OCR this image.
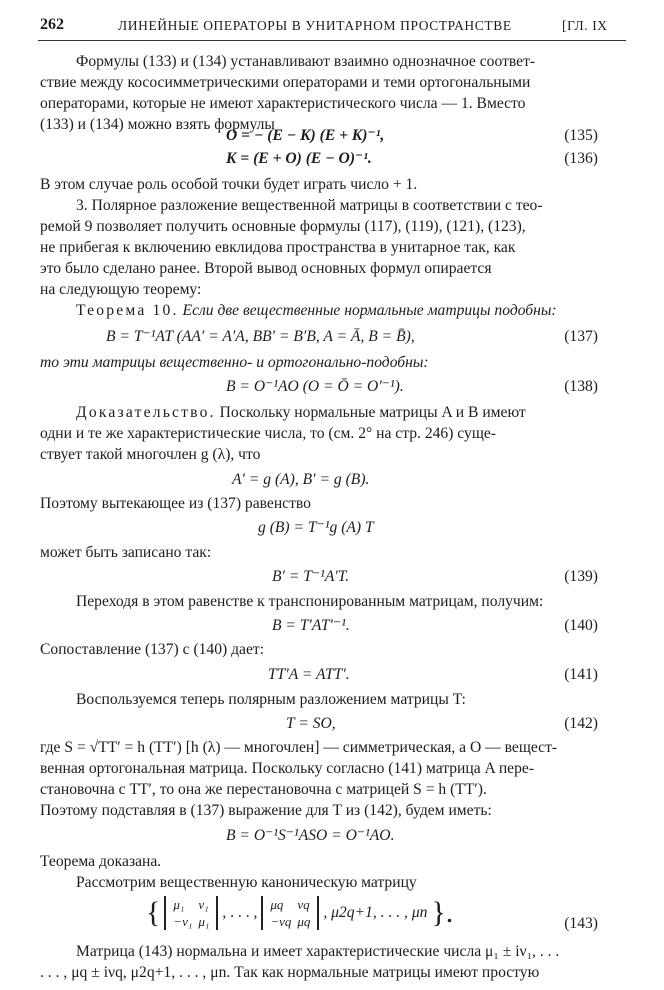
262	ЛИНЕЙНЫЕ ОПЕРАТОРЫ В УНИТАРНОМ ПРОСТРАНСТВЕ	[ГЛ. IX
Формулы (133) и (134) устанавливают взаимно однозначное соответ-
ствие между кососимметрическими операторами и теми ортогональными
операторами, которые не имеют характеристического числа — 1. Вместо
(133) и (134) можно взять формулы
O = − (E − K) (E + K)⁻¹,	(135)
K = (E + O) (E − O)⁻¹.	(136)
В этом случае роль особой точки будет играть число + 1.
3. Полярное разложение вещественной матрицы в соответствии с тео-
ремой 9 позволяет получить основные формулы (117), (119), (121), (123),
не прибегая к включению евклидова пространства в унитарное так, как
это было сделано ранее. Второй вывод основных формул опирается
на следующую теорему:
Теорема 10. Если две вещественные нормальные матрицы подобны:
B = T⁻¹AT (AA′ = A′A, BB′ = B′B, A = Ā, B = B̄),	(137)
то эти матрицы вещественно- и ортогонально-подобны:
B = O⁻¹AO (O = Ō = O′⁻¹).	(138)
Доказательство. Поскольку нормальные матрицы A и B имеют
одни и те же характеристические числа, то (см. 2° на стр. 246) суще-
ствует такой многочлен g (λ), что
A′ = g (A), B′ = g (B).
Поэтому вытекающее из (137) равенство
g (B) = T⁻¹g (A) T
может быть записано так:
B′ = T⁻¹A′T.	(139)
Переходя в этом равенстве к транспонированным матрицам, получим:
B = T′AT′⁻¹.	(140)
Сопоставление (137) с (140) дает:
TT′A = ATT′.	(141)
Воспользуемся теперь полярным разложением матрицы T:
T = SO,	(142)
где S = √TT′ = h (TT′) [h (λ) — многочлен] — симметрическая, а O — вещест-
венная ортогональная матрица. Поскольку согласно (141) матрица A пере-
становочна с TT′, то она же перестановочна с матрицей S = h (TT′).
Поэтому подставляя в (137) выражение для T из (142), будем иметь:
B = O⁻¹S⁻¹ASO = O⁻¹AO.
Теорема доказана.
Рассмотрим вещественную каноническую матрицу
{ μ₁	ν₁
−ν₁	μ₁
, . . . , μq	νq
−νq	μq
, μ2q+1, . . . , μn }.	(143)
Матрица (143) нормальна и имеет характеристические числа μ₁ ± iν₁, . . .
. . . , μq ± iνq, μ2q+1, . . . , μn. Так как нормальные матрицы имеют простую
